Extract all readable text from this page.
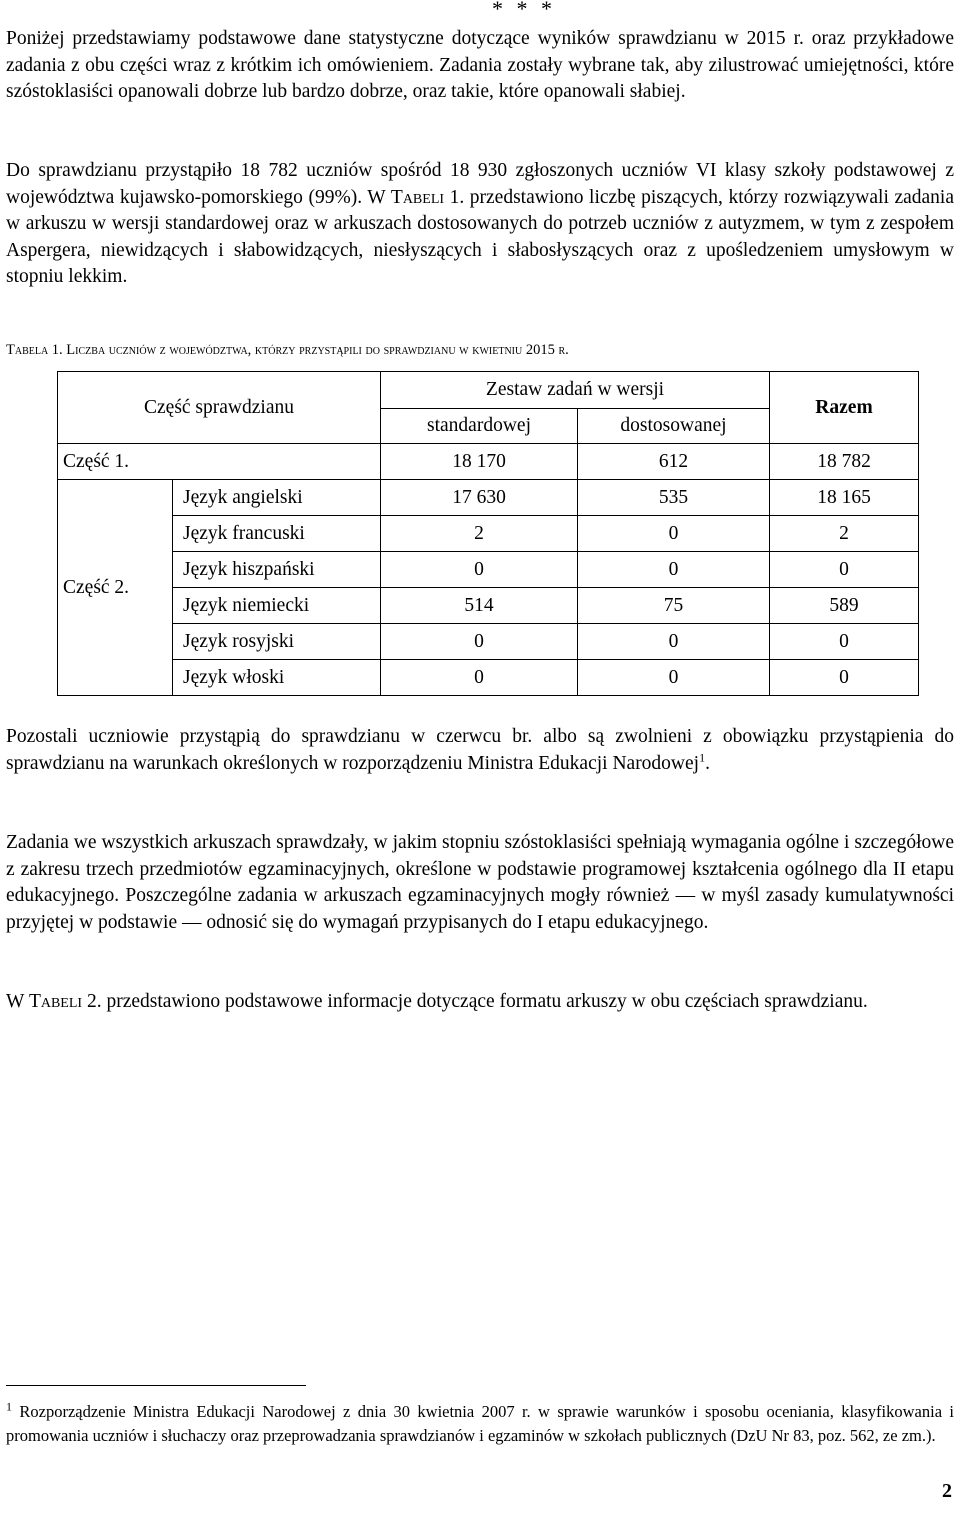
* * *

Poniżej przedstawiamy podstawowe dane statystyczne dotyczące wyników sprawdzianu w 2015 r. oraz przykładowe zadania z obu części wraz z krótkim ich omówieniem. Zadania zostały wybrane tak, aby zilustrować umiejętności, które szóstoklasiści opanowali dobrze lub bardzo dobrze, oraz takie, które opanowali słabiej.

Do sprawdzianu przystąpiło 18 782 uczniów spośród 18 930 zgłoszonych uczniów VI klasy szkoły podstawowej z województwa kujawsko-pomorskiego (99%). W Tabeli 1. przedstawiono liczbę piszących, którzy rozwiązywali zadania w arkuszu w wersji standardowej oraz w arkuszach dostosowanych do potrzeb uczniów z autyzmem, w tym z zespołem Aspergera, niewidzących i słabowidzących, niesłyszących i słabosłyszących oraz z upośledzeniem umysłowym w stopniu lekkim.

Tabela 1. Liczba uczniów z województwa, którzy przystąpili do sprawdzianu w kwietniu 2015 r.
Część sprawdzianu		Zestaw zadań w wersji		Razem
		standardowej	dostosowanej	
Część 1.		18 170	612	18 782
Część 2.	Język angielski	17 630	535	18 165
	Język francuski	2	0	2
	Język hiszpański	0	0	0
	Język niemiecki	514	75	589
	Język rosyjski	0	0	0
	Język włoski	0	0	0

Pozostali uczniowie przystąpią do sprawdzianu w czerwcu br. albo są zwolnieni z obowiązku przystąpienia do sprawdzianu na warunkach określonych w rozporządzeniu Ministra Edukacji Narodowej$^1$.

Zadania we wszystkich arkuszach sprawdzały, w jakim stopniu szóstoklasiści spełniają wymagania ogólne i szczegółowe z zakresu trzech przedmiotów egzaminacyjnych, określone w podstawie programowej kształcenia ogólnego dla II etapu edukacyjnego. Poszczególne zadania w arkuszach egzaminacyjnych mogły również — w myśl zasady kumulatywności przyjętej w podstawie — odnosić się do wymagań przypisanych do I etapu edukacyjnego.

W Tabeli 2. przedstawiono podstawowe informacje dotyczące formatu arkuszy w obu częściach sprawdzianu.

$^1$ Rozporządzenie Ministra Edukacji Narodowej z dnia 30 kwietnia 2007 r. w sprawie warunków i sposobu oceniania, klasyfikowania i promowania uczniów i słuchaczy oraz przeprowadzania sprawdzianów i egzaminów w szkołach publicznych (DzU Nr 83, poz. 562, ze zm.).

2
